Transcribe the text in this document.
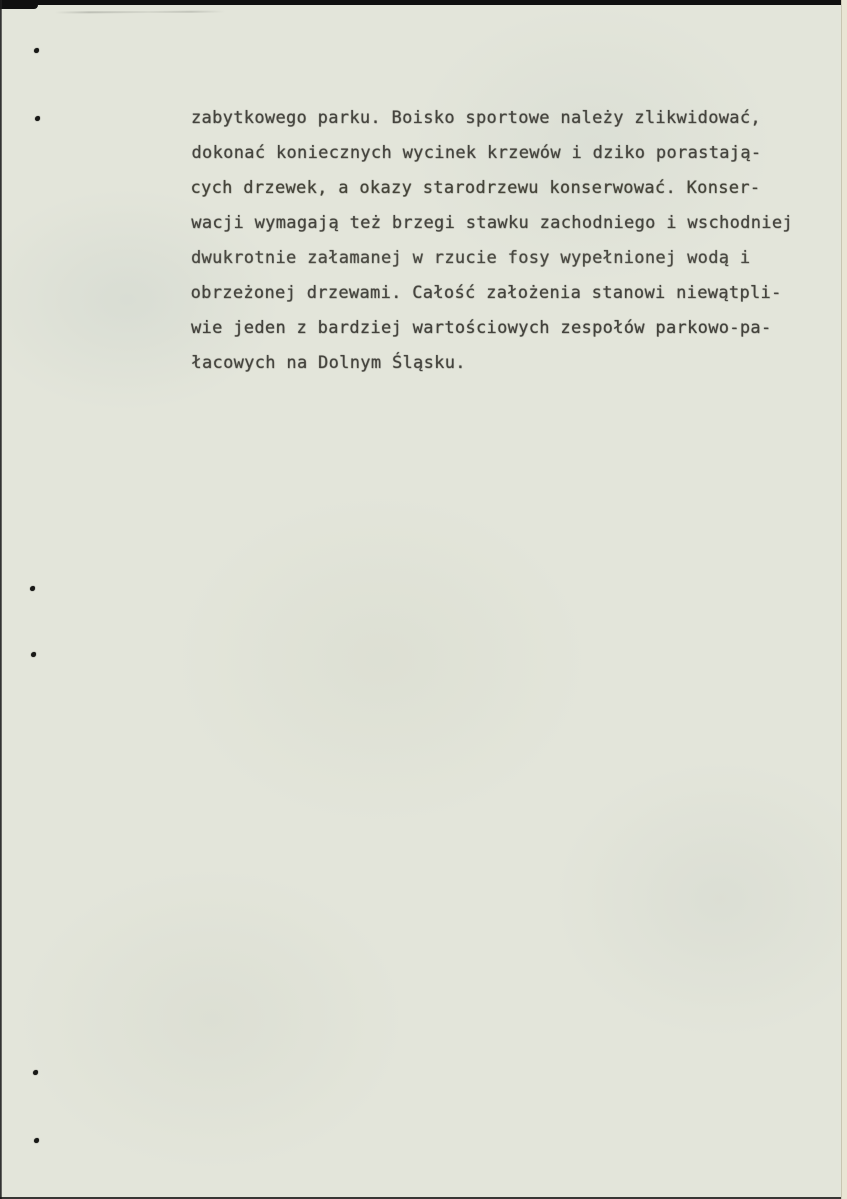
zabytkowego parku. Boisko sportowe należy zlikwidować,
dokonać koniecznych wycinek krzewów i dziko porastają-
cych drzewek, a okazy starodrzewu konserwować. Konser-
wacji wymagają też brzegi stawku zachodniego i wschodniej
dwukrotnie załamanej w rzucie fosy wypełnionej wodą i
obrzeżonej drzewami. Całość założenia stanowi niewątpli-
wie jeden z bardziej wartościowych zespołów parkowo-pa-
łacowych na Dolnym Śląsku.
